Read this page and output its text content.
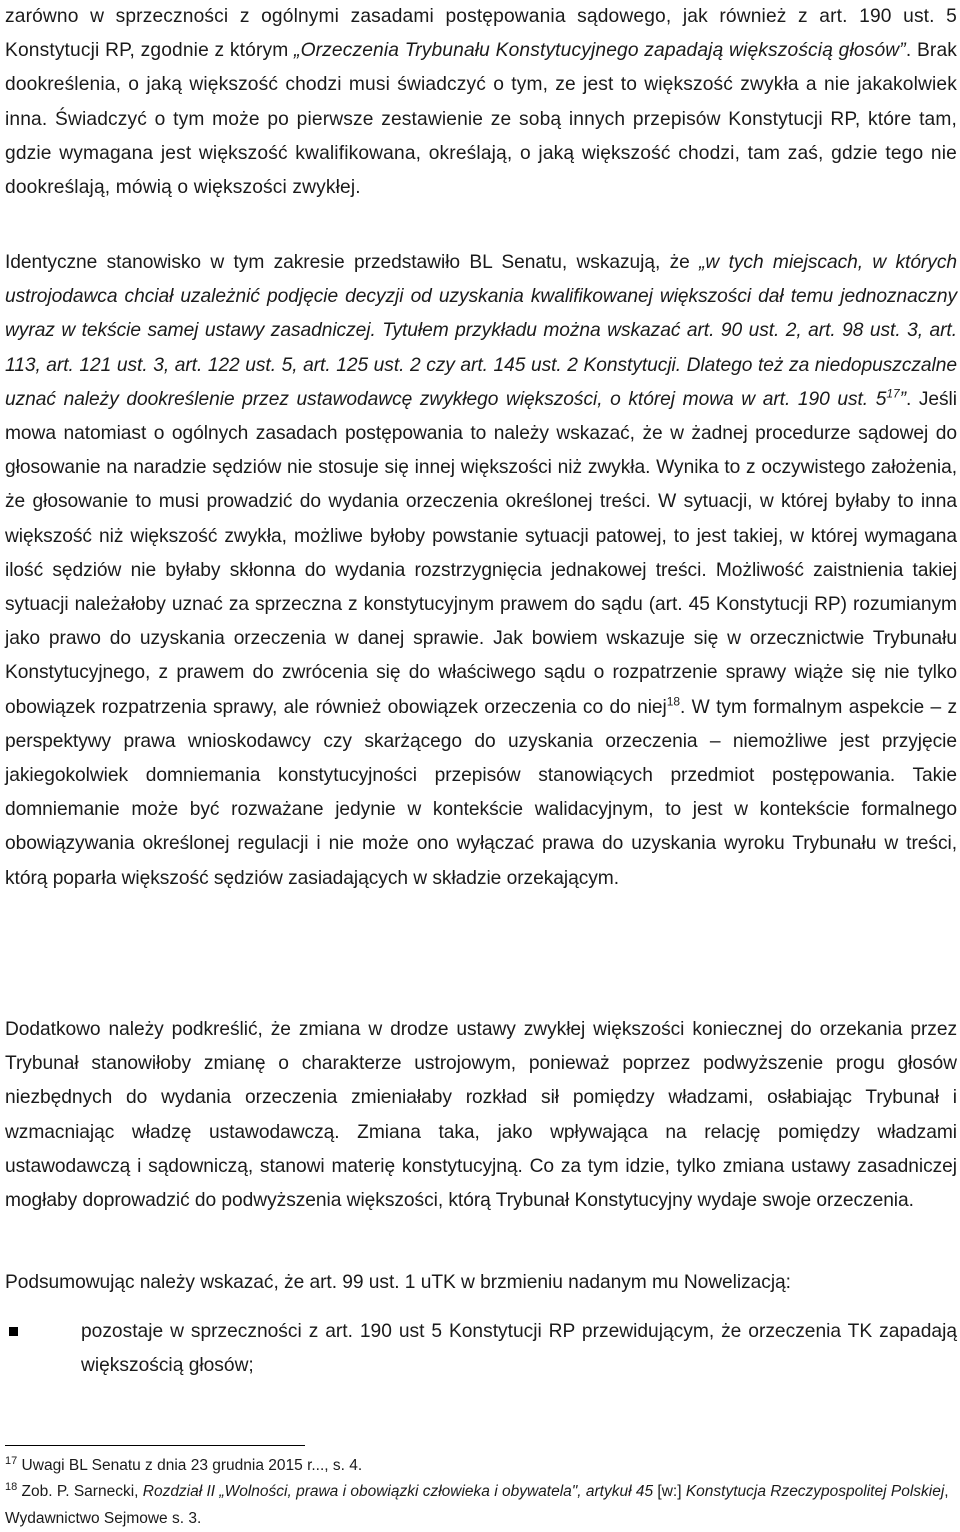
zarówno w sprzeczności z ogólnymi zasadami postępowania sądowego, jak również z art. 190 ust. 5 Konstytucji RP, zgodnie z którym „Orzeczenia Trybunału Konstytucyjnego zapadają większością głosów”. Brak dookreślenia, o jaką większość chodzi musi świadczyć o tym, ze jest to większość zwykła a nie jakakolwiek inna. Świadczyć o tym może po pierwsze zestawienie ze sobą innych przepisów Konstytucji RP, które tam, gdzie wymagana jest większość kwalifikowana, określają, o jaką większość chodzi, tam zaś, gdzie tego nie dookreślają, mówią o większości zwykłej.

Identyczne stanowisko w tym zakresie przedstawiło BL Senatu, wskazują, że „w tych miejscach, w których ustrojodawca chciał uzależnić podjęcie decyzji od uzyskania kwalifikowanej większości dał temu jednoznaczny wyraz w tekście samej ustawy zasadniczej. Tytułem przykładu można wskazać art. 90 ust. 2, art. 98 ust. 3, art. 113, art. 121 ust. 3, art. 122 ust. 5, art. 125 ust. 2 czy art. 145 ust. 2 Konstytucji. Dlatego też za niedopuszczalne uznać należy dookreślenie przez ustawodawcę zwykłego większości, o której mowa w art. 190 ust. $5^{17}$”. Jeśli mowa natomiast o ogólnych zasadach postępowania to należy wskazać, że w żadnej procedurze sądowej do głosowanie na naradzie sędziów nie stosuje się innej większości niż zwykła. Wynika to z oczywistego założenia, że głosowanie to musi prowadzić do wydania orzeczenia określonej treści. W sytuacji, w której byłaby to inna większość niż większość zwykła, możliwe byłoby powstanie sytuacji patowej, to jest takiej, w której wymagana ilość sędziów nie byłaby skłonna do wydania rozstrzygnięcia jednakowej treści. Możliwość zaistnienia takiej sytuacji należałoby uznać za sprzeczna z konstytucyjnym prawem do sądu (art. 45 Konstytucji RP) rozumianym jako prawo do uzyskania orzeczenia w danej sprawie. Jak bowiem wskazuje się w orzecznictwie Trybunału Konstytucyjnego, z prawem do zwrócenia się do właściwego sądu o rozpatrzenie sprawy wiąże się nie tylko obowiązek rozpatrzenia sprawy, ale również obowiązek orzeczenia co do niej$^{18}$. W tym formalnym aspekcie – z perspektywy prawa wnioskodawcy czy skarżącego do uzyskania orzeczenia – niemożliwe jest przyjęcie jakiegokolwiek domniemania konstytucyjności przepisów stanowiących przedmiot postępowania. Takie domniemanie może być rozważane jedynie w kontekście walidacyjnym, to jest w kontekście formalnego obowiązywania określonej regulacji i nie może ono wyłączać prawa do uzyskania wyroku Trybunału w treści, którą poparła większość sędziów zasiadających w składzie orzekającym.

Dodatkowo należy podkreślić, że zmiana w drodze ustawy zwykłej większości koniecznej do orzekania przez Trybunał stanowiłoby zmianę o charakterze ustrojowym, ponieważ poprzez podwyższenie progu głosów niezbędnych do wydania orzeczenia zmieniałaby rozkład sił pomiędzy władzami, osłabiając Trybunał i wzmacniając władzę ustawodawczą. Zmiana taka, jako wpływająca na relację pomiędzy władzami ustawodawczą i sądowniczą, stanowi materię konstytucyjną. Co za tym idzie, tylko zmiana ustawy zasadniczej mogłaby doprowadzić do podwyższenia większości, którą Trybunał Konstytucyjny wydaje swoje orzeczenia.

Podsumowując należy wskazać, że art. 99 ust. 1 uTK w brzmieniu nadanym mu Nowelizacją:

pozostaje w sprzeczności z art. 190 ust 5 Konstytucji RP przewidującym, że orzeczenia TK zapadają większością głosów;

$^{17}$ Uwagi BL Senatu z dnia 23 grudnia 2015 r..., s. 4.

$^{18}$ Zob. P. Sarnecki, Rozdział II „Wolności, prawa i obowiązki człowieka i obywatela", artykuł 45 [w:] Konstytucja Rzeczypospolitej Polskiej, Wydawnictwo Sejmowe s. 3.
